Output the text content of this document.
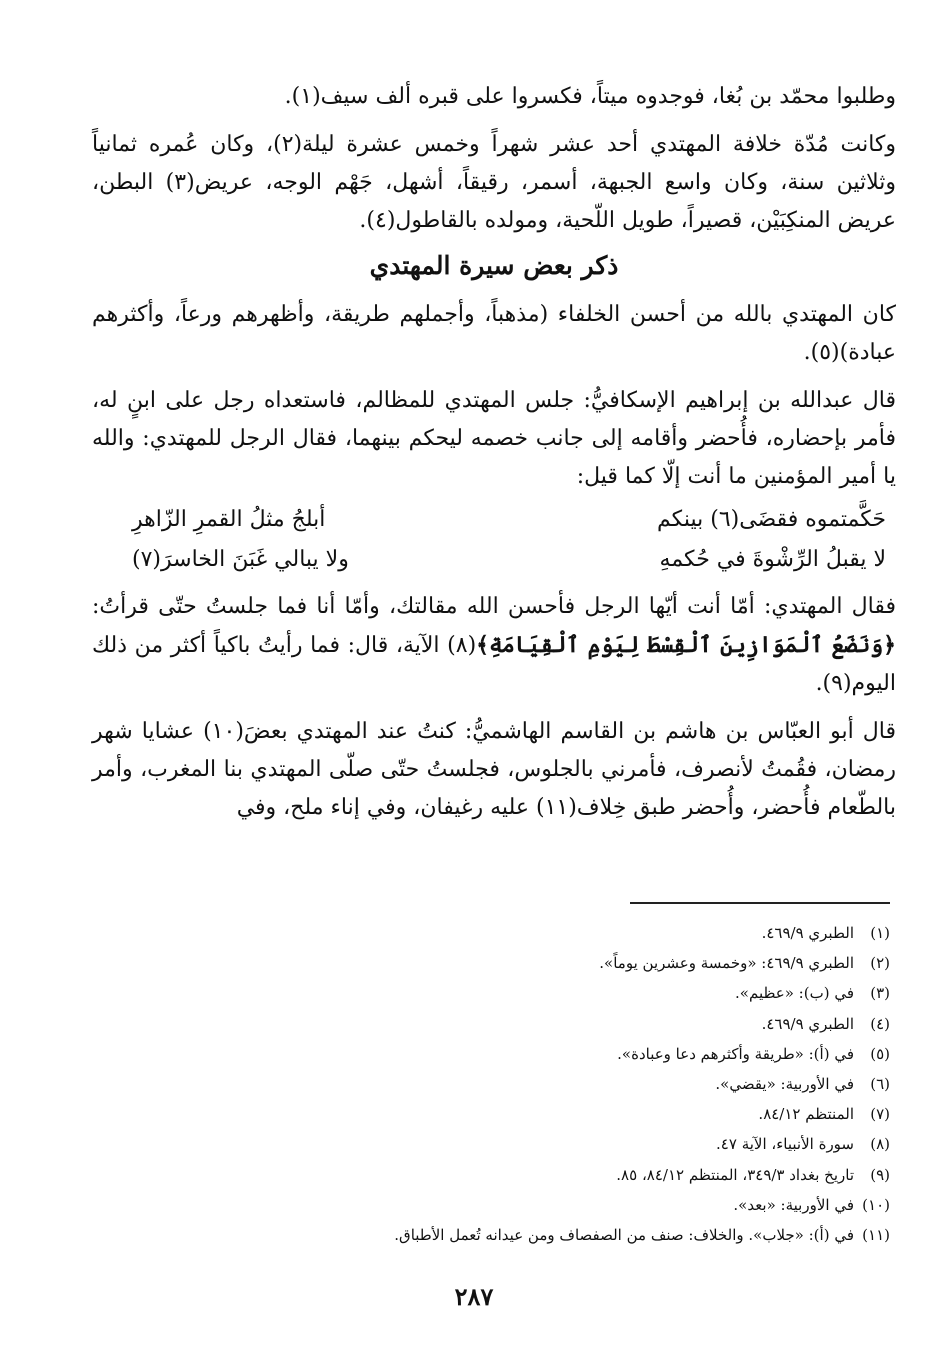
وطلبوا محمّد بن بُغا، فوجدوه ميتاً، فكسروا على قبره ألف سيف(١).

وكانت مُدّة خلافة المهتدي أحد عشر شهراً وخمس عشرة ليلة(٢)، وكان عُمره ثمانياً وثلاثين سنة، وكان واسع الجبهة، أسمر، رقيقاً، أشهل، جَهْم الوجه، عريض(٣) البطن، عريض المنكِبَيْن، قصيراً، طويل اللّحية، ومولده بالقاطول(٤).

ذكر بعض سيرة المهتدي

كان المهتدي بالله من أحسن الخلفاء (مذهباً، وأجملهم طريقة، وأظهرهم ورعاً، وأكثرهم عبادة)(٥).

قال عبدالله بن إبراهيم الإسكافيُّ: جلس المهتدي للمظالم، فاستعداه رجل على ابنٍ له، فأمر بإحضاره، فأُحضر وأقامه إلى جانب خصمه ليحكم بينهما، فقال الرجل للمهتدي: والله يا أمير المؤمنين ما أنت إلّا كما قيل:

حَكَّمتموه فقضَى(٦) بينكم
أبلجُ مثلُ القمرِ الزّاهرِ
لا يقبلُ الرِّشْوةَ في حُكمهِ
ولا يبالي غَبَنَ الخاسرَ(٧)

فقال المهتدي: أمّا أنت أيّها الرجل فأحسن الله مقالتك، وأمّا أنا فما جلستُ حتّى قرأتُ: ﴿وَنَضَعُ ٱلْمَوَازِينَ ٱلْقِسْطَ لِيَوْمِ ٱلْقِيَامَةِ﴾(٨) الآية، قال: فما رأيتُ باكياً أكثر من ذلك اليوم(٩).

قال أبو العبّاس بن هاشم بن القاسم الهاشميُّ: كنتُ عند المهتدي بعضَ(١٠) عشايا شهر رمضان، فقُمتُ لأنصرف، فأمرني بالجلوس، فجلستُ حتّى صلّى المهتدي بنا المغرب، وأمر بالطّعام فأُحضر، وأُحضر طبق خِلاف(١١) عليه رغيفان، وفي إناء ملح، وفي

(١)
الطبري ٤٦٩/٩.
(٢)
الطبري ٤٦٩/٩: «وخمسة وعشرين يوماً».
(٣)
في (ب): «عظيم».
(٤)
الطبري ٤٦٩/٩.
(٥)
في (أ): «طريقة وأكثرهم دعا وعبادة».
(٦)
في الأوربية: «يقضي».
(٧)
المنتظم ٨٤/١٢.
(٨)
سورة الأنبياء، الآية ٤٧.
(٩)
تاريخ بغداد ٣٤٩/٣، المنتظم ٨٤/١٢، ٨٥.
(١٠)
في الأوربية: «بعد».
(١١)
في (أ): «جلاب». والخلاف: صنف من الصفصاف ومن عيدانه تُعمل الأطباق.
٢٨٧
